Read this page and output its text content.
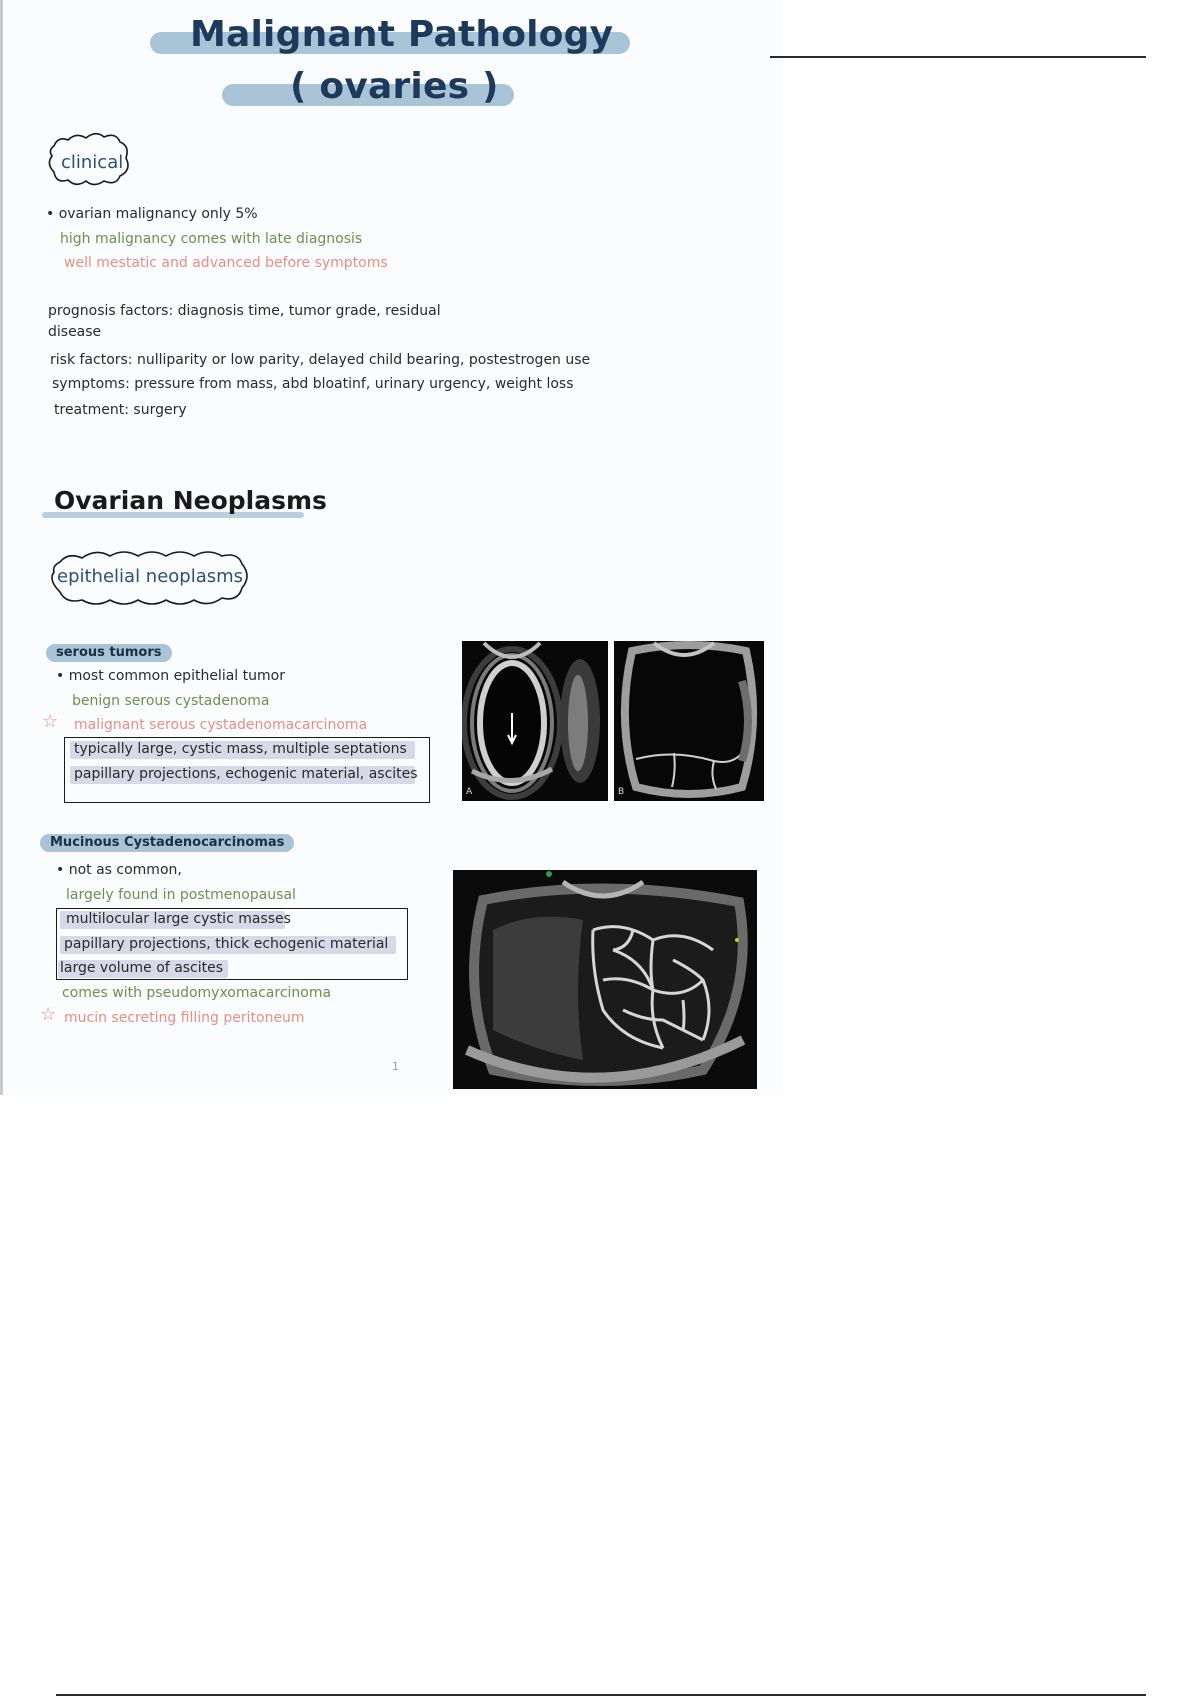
Malignant Pathology
( ovaries )
clinical
• ovarian malignancy only 5%
high malignancy comes with late diagnosis
well mestatic and advanced before symptoms
prognosis factors: diagnosis time, tumor grade, residual
disease
risk factors: nulliparity or low parity, delayed child bearing, postestrogen use
symptoms: pressure from mass, abd bloatinf, urinary urgency, weight loss
treatment: surgery
Ovarian Neoplasms
epithelial neoplasms
serous tumors
• most common epithelial tumor
benign serous cystadenoma
☆ malignant serous cystadenomacarcinoma
typically large, cystic mass, multiple septations
papillary projections, echogenic material, ascites
A	B
Mucinous Cystadenocarcinomas
• not as common,
largely found in postmenopausal
multilocular large cystic masses
papillary projections, thick echogenic material
large volume of ascites
comes with pseudomyxomacarcinoma
☆ mucin secreting filling peritoneum
1
